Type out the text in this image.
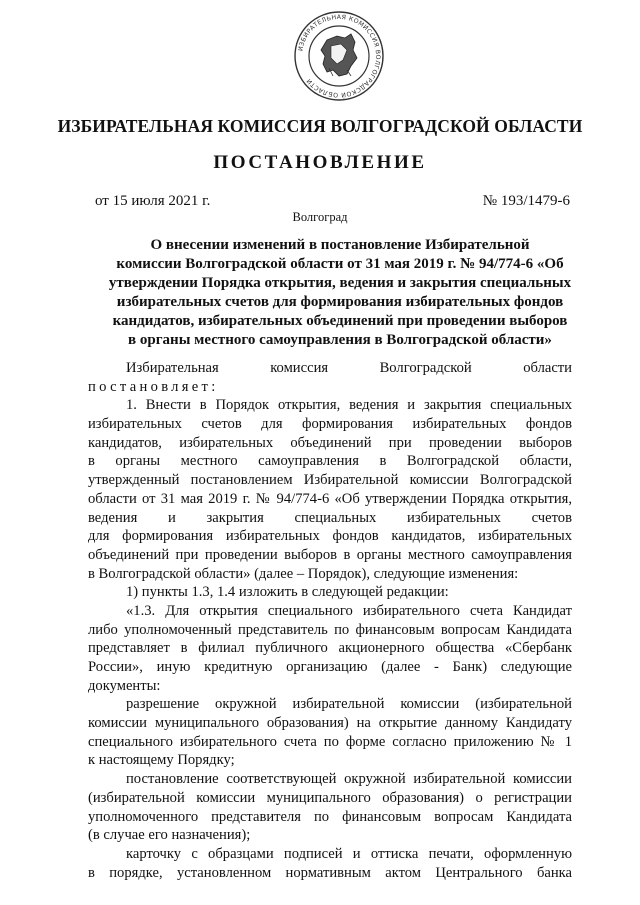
ИЗБИРАТЕЛЬНАЯ КОМИССИЯ ВОЛГОГРАДСКОЙ ОБЛАСТИ
ИЗБИРАТЕЛЬНАЯ КОМИССИЯ ВОЛГОГРАДСКОЙ ОБЛАСТИ
ПОСТАНОВЛЕНИЕ
от 15 июля 2021 г.	№ 193/1479-6
Волгоград
О внесении изменений в постановление Избирательной
комиссии Волгоградской области от 31 мая 2019 г. № 94/774-6 «Об
утверждении Порядка открытия, ведения и закрытия специальных
избирательных счетов для формирования избирательных фондов
кандидатов, избирательных объединений при проведении выборов
в органы местного самоуправления в Волгоградской области»
Избирательная комиссия Волгоградской области
постановляет:
1. Внести в Порядок открытия, ведения и закрытия специальных
избирательных счетов для формирования избирательных фондов
кандидатов, избирательных объединений при проведении выборов
в органы местного самоуправления в Волгоградской области,
утвержденный постановлением Избирательной комиссии Волгоградской
области от 31 мая 2019 г. № 94/774-6 «Об утверждении Порядка открытия,
ведения и закрытия специальных избирательных счетов
для формирования избирательных фондов кандидатов, избирательных
объединений при проведении выборов в органы местного самоуправления
в Волгоградской области» (далее – Порядок), следующие изменения:
1) пункты 1.3, 1.4 изложить в следующей редакции:
«1.3. Для открытия специального избирательного счета Кандидат
либо уполномоченный представитель по финансовым вопросам Кандидата
представляет в филиал публичного акционерного общества «Сбербанк
России», иную кредитную организацию (далее - Банк) следующие
документы:
разрешение окружной избирательной комиссии (избирательной
комиссии муниципального образования) на открытие данному Кандидату
специального избирательного счета по форме согласно приложению № 1
к настоящему Порядку;
постановление соответствующей окружной избирательной комиссии
(избирательной комиссии муниципального образования) о регистрации
уполномоченного представителя по финансовым вопросам Кандидата
(в случае его назначения);
карточку с образцами подписей и оттиска печати, оформленную
в порядке, установленном нормативным актом Центрального банка
